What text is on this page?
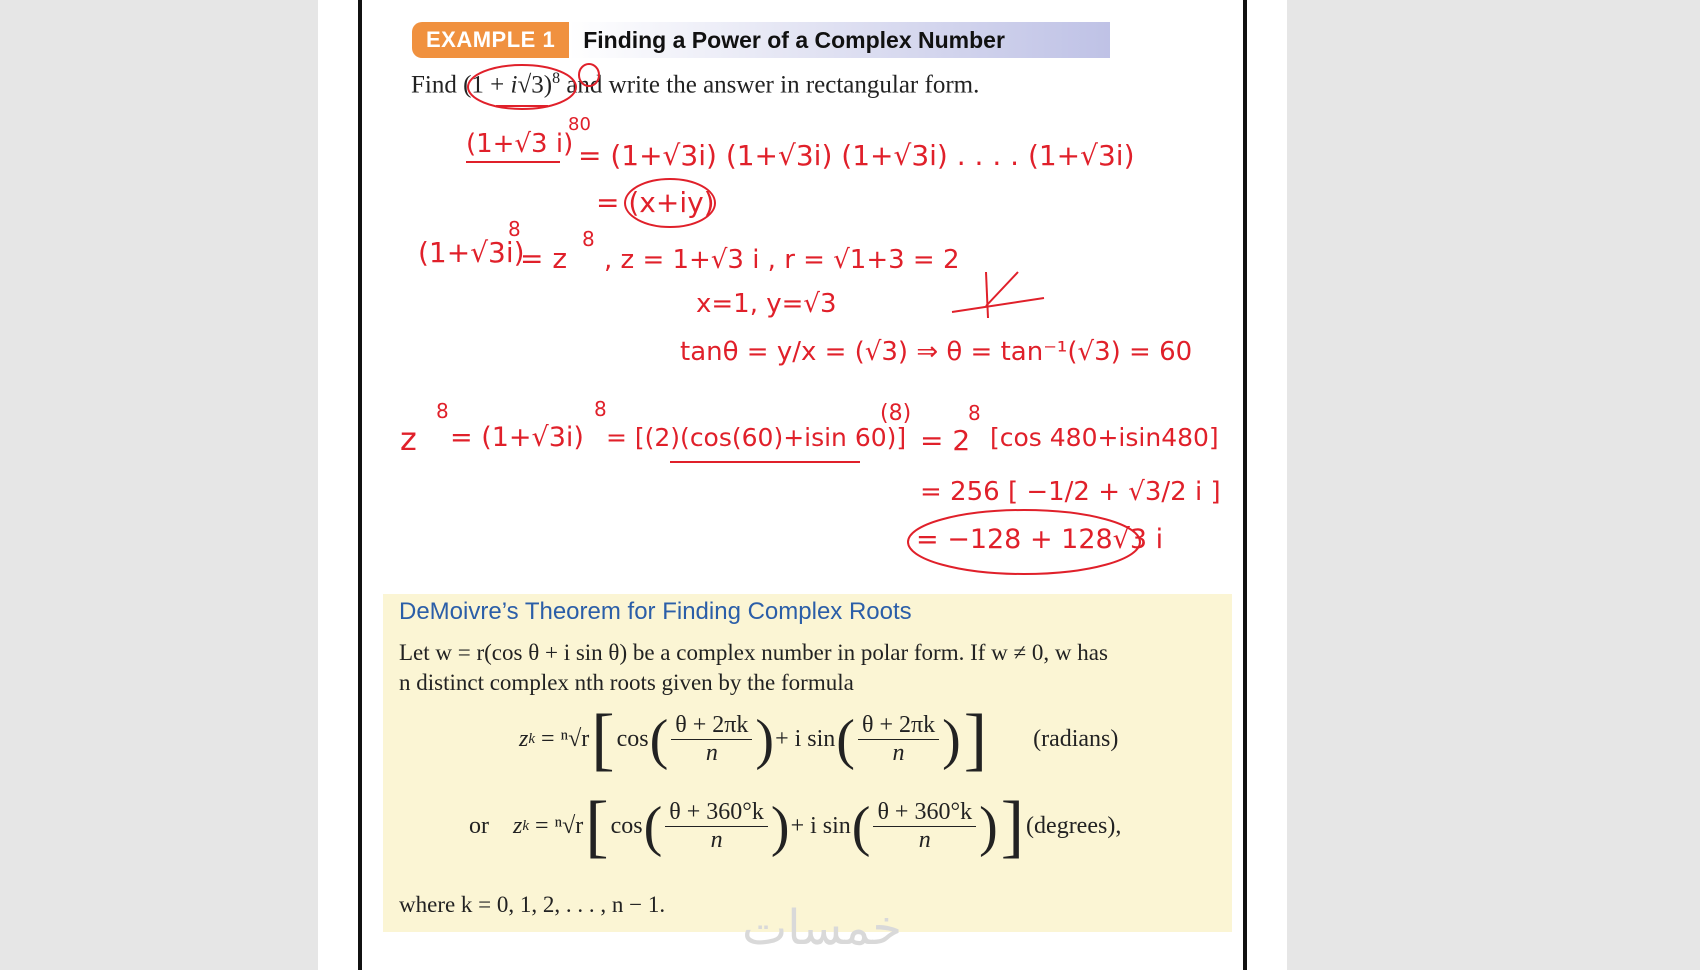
EXAMPLE 1	Finding a Power of a Complex Number
Find $(1 + i√3)^8$ and write the answer in rectangular form.
(1+√3 i)
80
= (1+√3i) (1+√3i) (1+√3i) . . . . (1+√3i)
= (x+iy)
(1+√3i)
8
= z
8
, z = 1+√3 i , r = √1+3 = 2
x=1, y=√3
tanθ = y/x = (√3) ⇒ θ = tan⁻¹(√3) = 60
z
8
= (1+√3i)
8
= [(2)(cos(60)+isin 60)]
(8)
= 2
8
[cos 480+isin480]
= 256 [ −1/2 + √3/2 i ]
= −128 + 128√3 i
DeMoivre’s Theorem for Finding Complex Roots
Let w = r(cos θ + i sin θ) be a complex number in polar form. If w ≠ 0, w has
n distinct complex nth roots given by the formula
z k = ⁿ√r [ cos ( $\frac{\theta + 2\pi k}{n}$ ) + i sin ( $\frac{\theta + 2\pi k}{n}$ ) ] (radians)
or z k = ⁿ√r [ cos ( $\frac{\theta + 360^\circ k}{n}$ ) + i sin ( $\frac{\theta + 360^\circ k}{n}$ ) ] (degrees),
where k = 0, 1, 2, . . . , n − 1. خمسات
